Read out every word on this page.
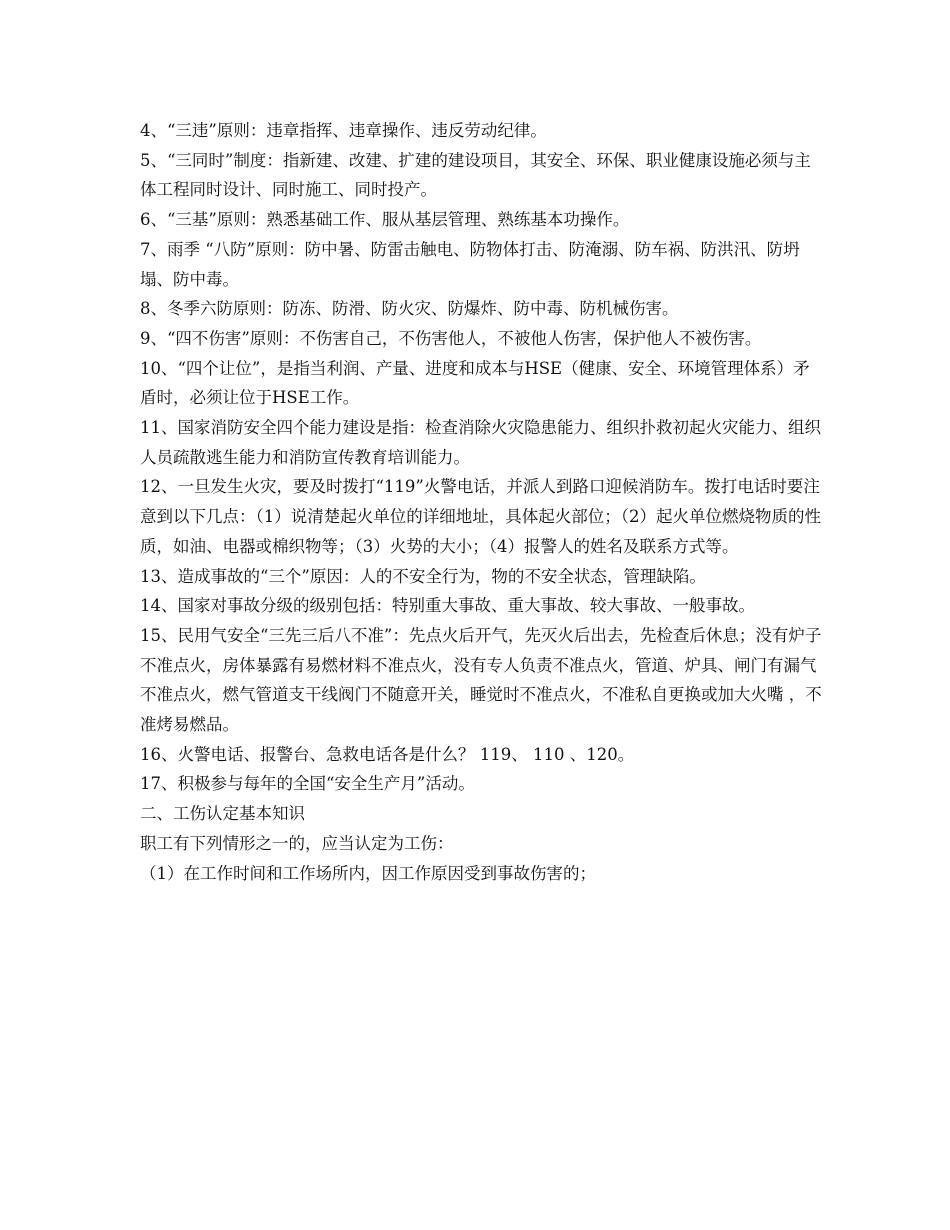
4、“三违”原则：违章指挥、违章操作、违反劳动纪律。

5、“三同时”制度：指新建、改建、扩建的建设项目，其安全、环保、职业健康设施必须与主体工程同时设计、同时施工、同时投产。

6、“三基”原则：熟悉基础工作、服从基层管理、熟练基本功操作。

7、雨季 “八防”原则：防中暑、防雷击触电、防物体打击、防淹溺、防车祸、防洪汛、防坍塌、防中毒。

8、冬季六防原则：防冻、防滑、防火灾、防爆炸、防中毒、防机械伤害。

9、“四不伤害”原则：不伤害自己，不伤害他人，不被他人伤害，保护他人不被伤害。

10、“四个让位”，是指当利润、产量、进度和成本与HSE（健康、安全、环境管理体系）矛盾时，必须让位于HSE工作。

11、国家消防安全四个能力建设是指：检查消除火灾隐患能力、组织扑救初起火灾能力、组织人员疏散逃生能力和消防宣传教育培训能力。

12、一旦发生火灾，要及时拨打“119”火警电话，并派人到路口迎候消防车。拨打电话时要注意到以下几点：（1）说清楚起火单位的详细地址，具体起火部位；（2）起火单位燃烧物质的性质，如油、电器或棉织物等；（3）火势的大小；（4）报警人的姓名及联系方式等。

13、造成事故的“三个”原因：人的不安全行为，物的不安全状态，管理缺陷。

14、国家对事故分级的级别包括：特别重大事故、重大事故、较大事故、一般事故。

15、民用气安全“三先三后八不准”：先点火后开气，先灭火后出去，先检查后休息；没有炉子不准点火，房体暴露有易燃材料不准点火，没有专人负责不准点火，管道、炉具、闸门有漏气不准点火，燃气管道支干线阀门不随意开关，睡觉时不准点火，不准私自更换或加大火嘴 ，不准烤易燃品。

16、火警电话、报警台、急救电话各是什么？ 119、 110 、120。

17、积极参与每年的全国“安全生产月”活动。

二、工伤认定基本知识

职工有下列情形之一的，应当认定为工伤：

（1）在工作时间和工作场所内，因工作原因受到事故伤害的；
